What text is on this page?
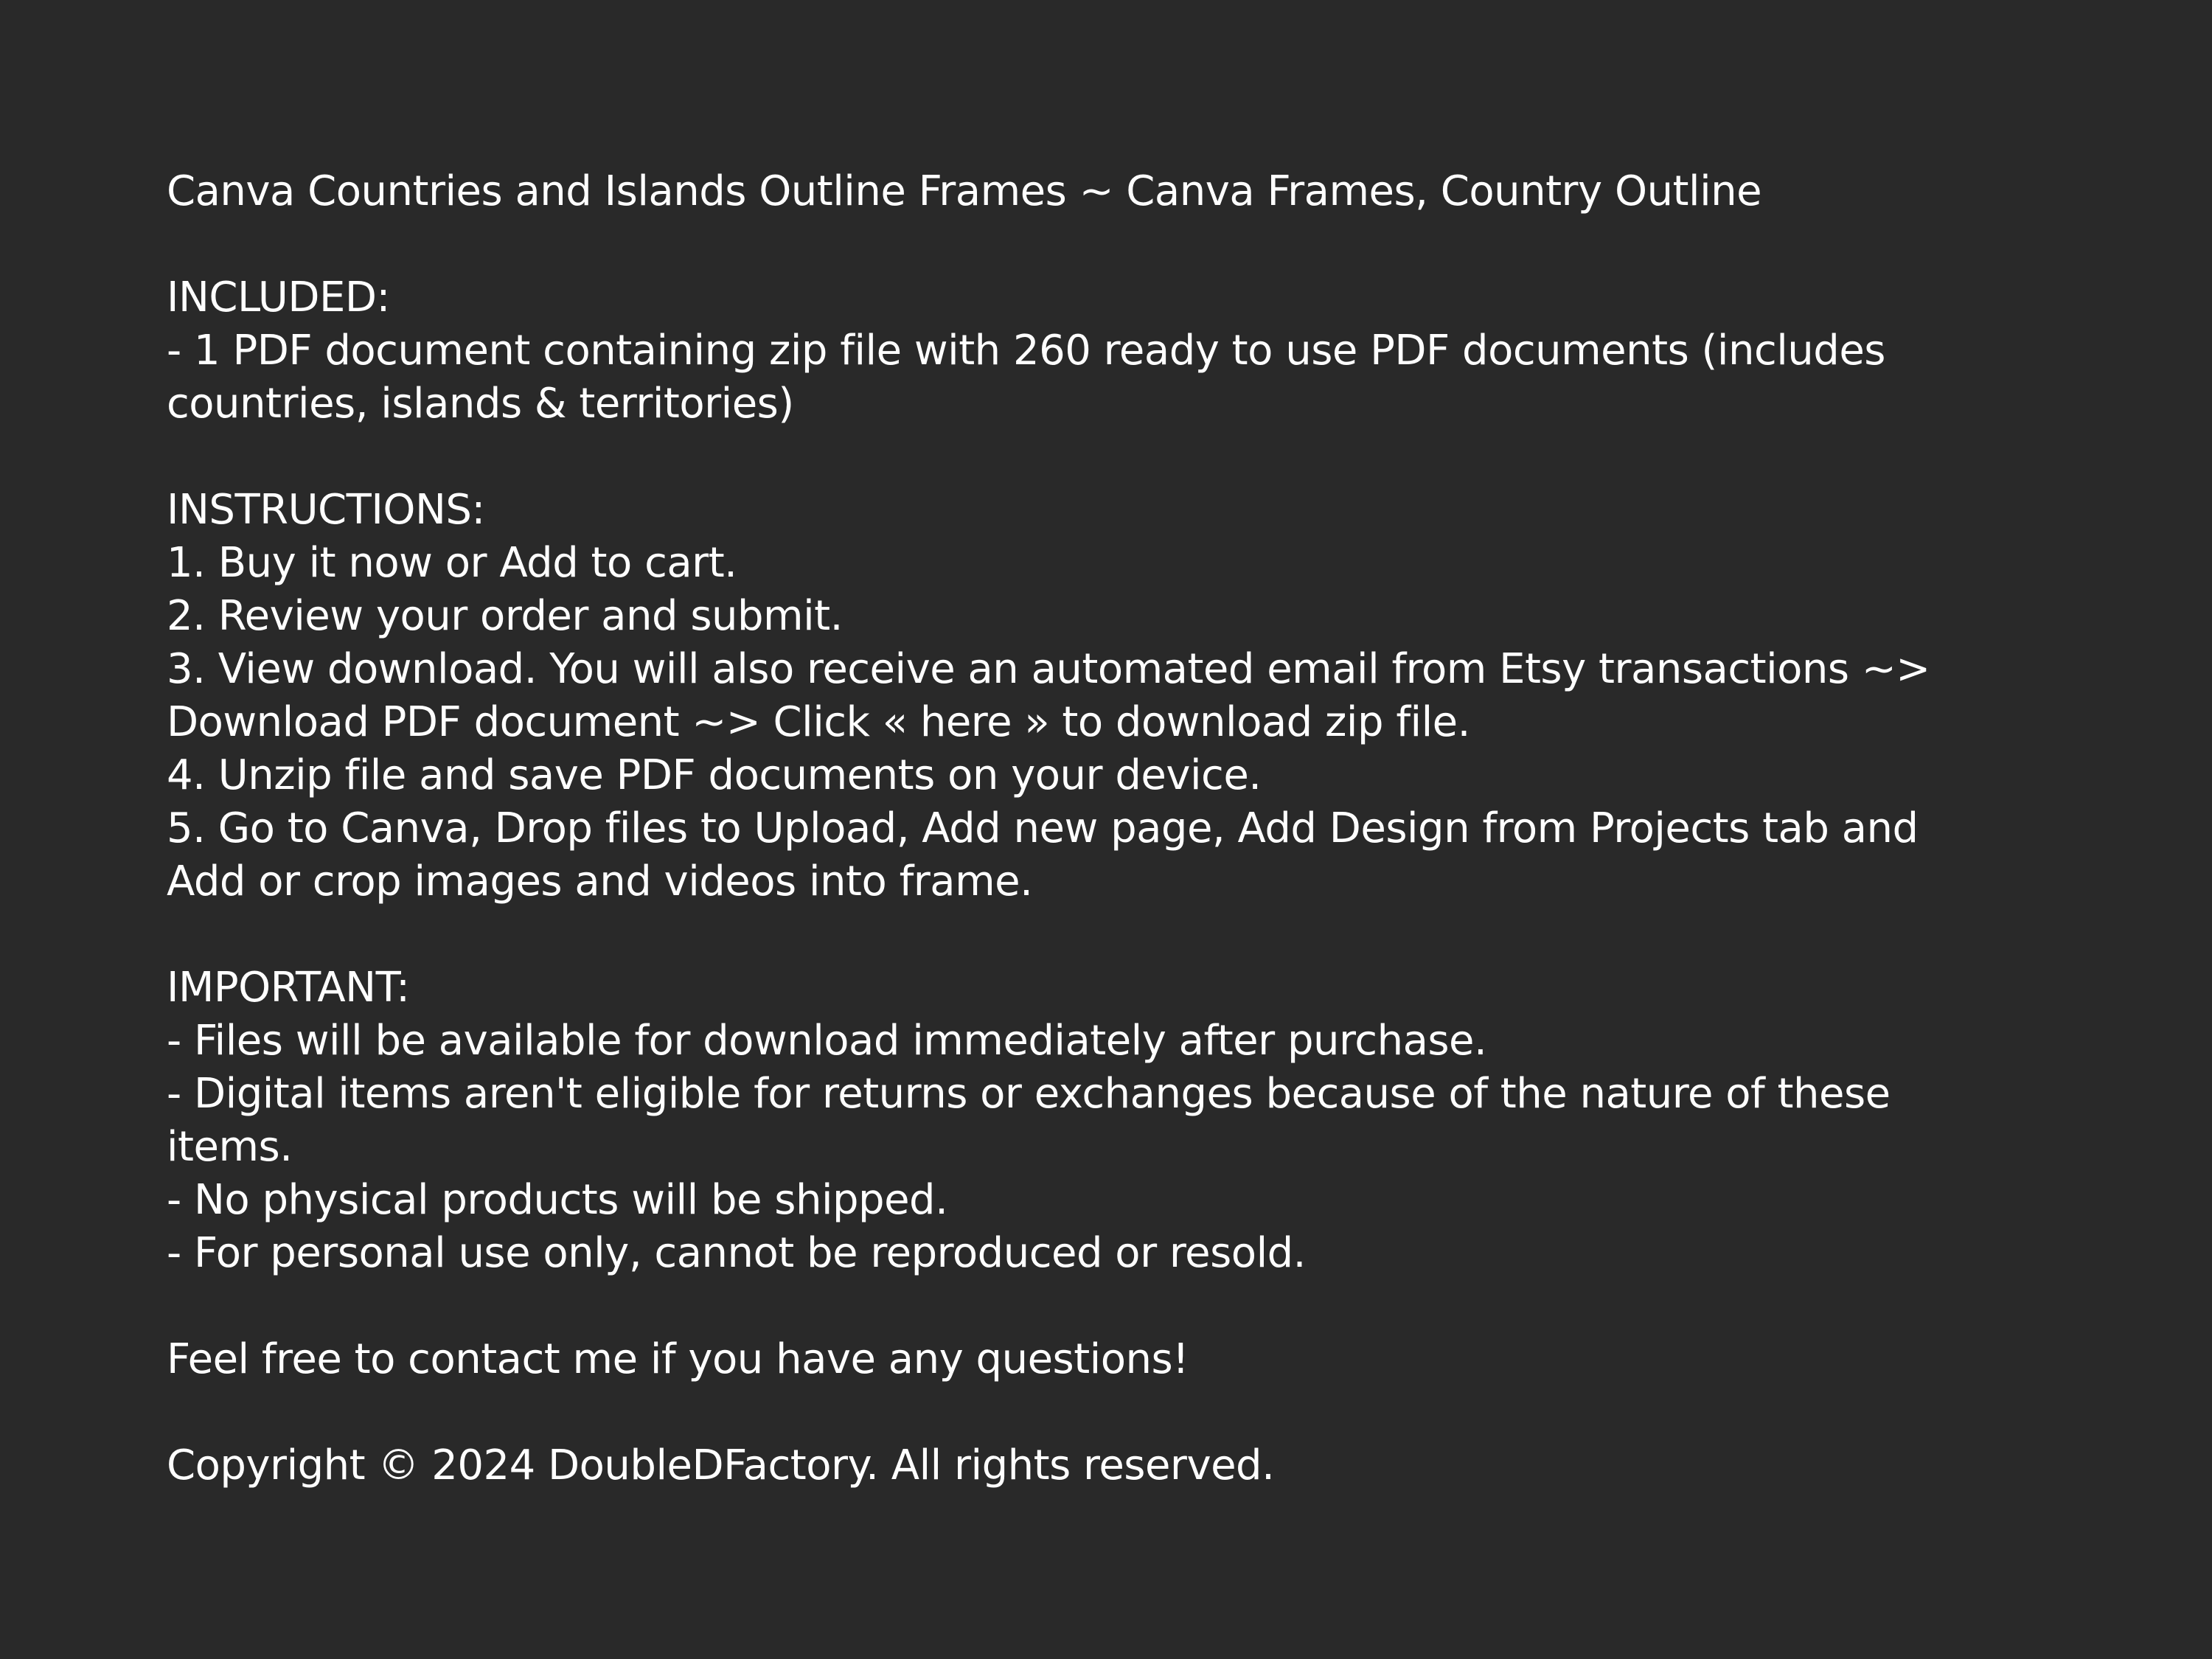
Canva Countries and Islands Outline Frames ~ Canva Frames, Country Outline

INCLUDED:

- 1 PDF document containing zip file with 260 ready to use PDF documents (includes

countries, islands & territories)

INSTRUCTIONS:

1. Buy it now or Add to cart.

2. Review your order and submit.

3. View download. You will also receive an automated email from Etsy transactions ~>

Download PDF document ~> Click « here » to download zip file.

4. Unzip file and save PDF documents on your device.

5. Go to Canva, Drop files to Upload, Add new page, Add Design from Projects tab and

Add or crop images and videos into frame.

IMPORTANT:

- Files will be available for download immediately after purchase.

- Digital items aren't eligible for returns or exchanges because of the nature of these

items.

- No physical products will be shipped.

- For personal use only, cannot be reproduced or resold.

Feel free to contact me if you have any questions!

Copyright © 2024 DoubleDFactory. All rights reserved.
